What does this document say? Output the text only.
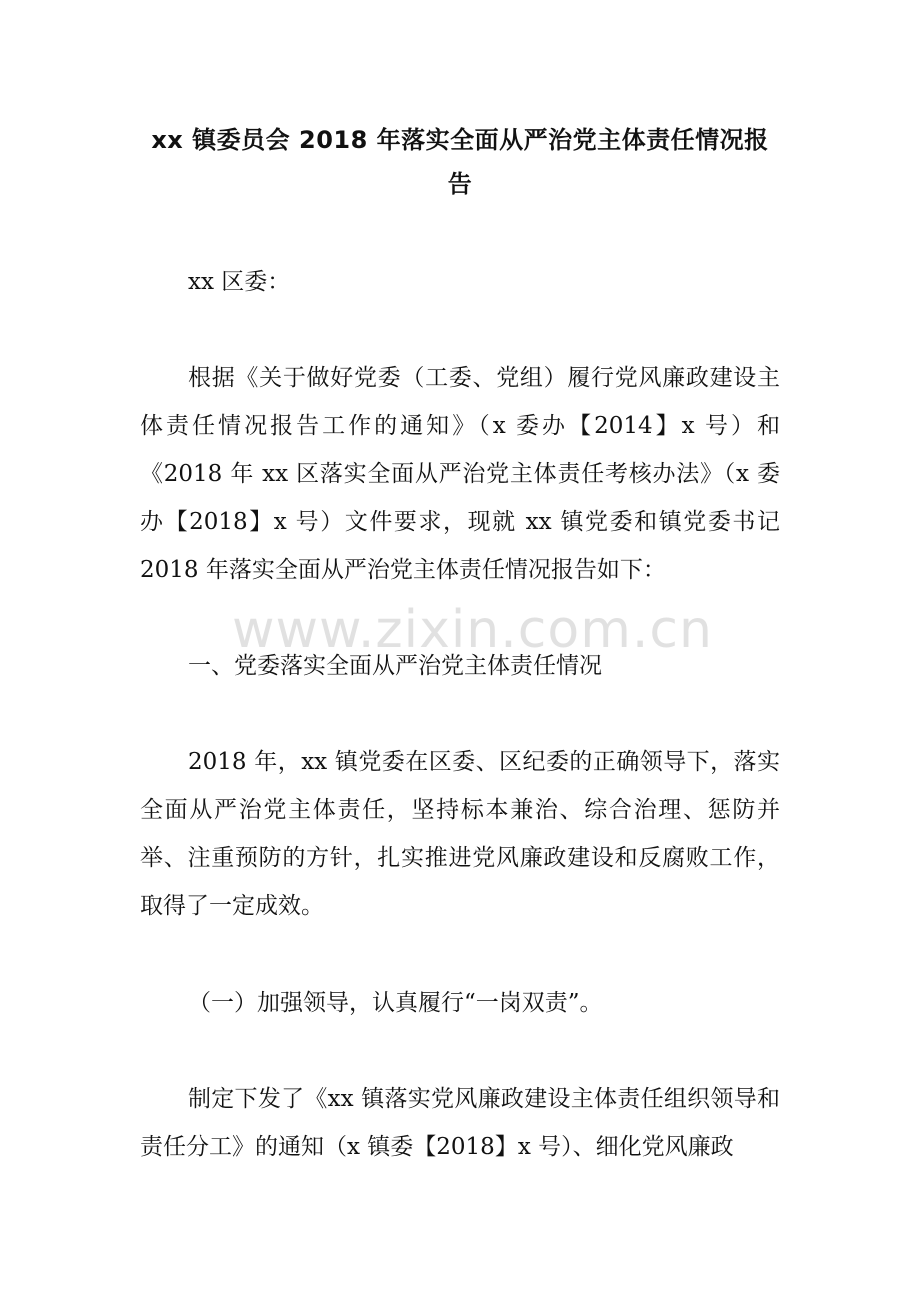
xx 镇委员会 2018 年落实全面从严治党主体责任情况报告
xx 区委：
根据《关于做好党委（工委、党组）履行党风廉政建设主体责任情况报告工作的通知》（x 委办【2014】x 号）和《2018 年 xx 区落实全面从严治党主体责任考核办法》（x 委办【2018】x 号）文件要求，现就 xx 镇党委和镇党委书记 2018 年落实全面从严治党主体责任情况报告如下：
一、党委落实全面从严治党主体责任情况
2018 年，xx 镇党委在区委、区纪委的正确领导下，落实全面从严治党主体责任，坚持标本兼治、综合治理、惩防并举、注重预防的方针，扎实推进党风廉政建设和反腐败工作，取得了一定成效。
（一）加强领导，认真履行“一岗双责”。
制定下发了《xx 镇落实党风廉政建设主体责任组织领导和责任分工》的通知（x 镇委【2018】x 号）、细化党风廉政
www.zixin.com.cn
